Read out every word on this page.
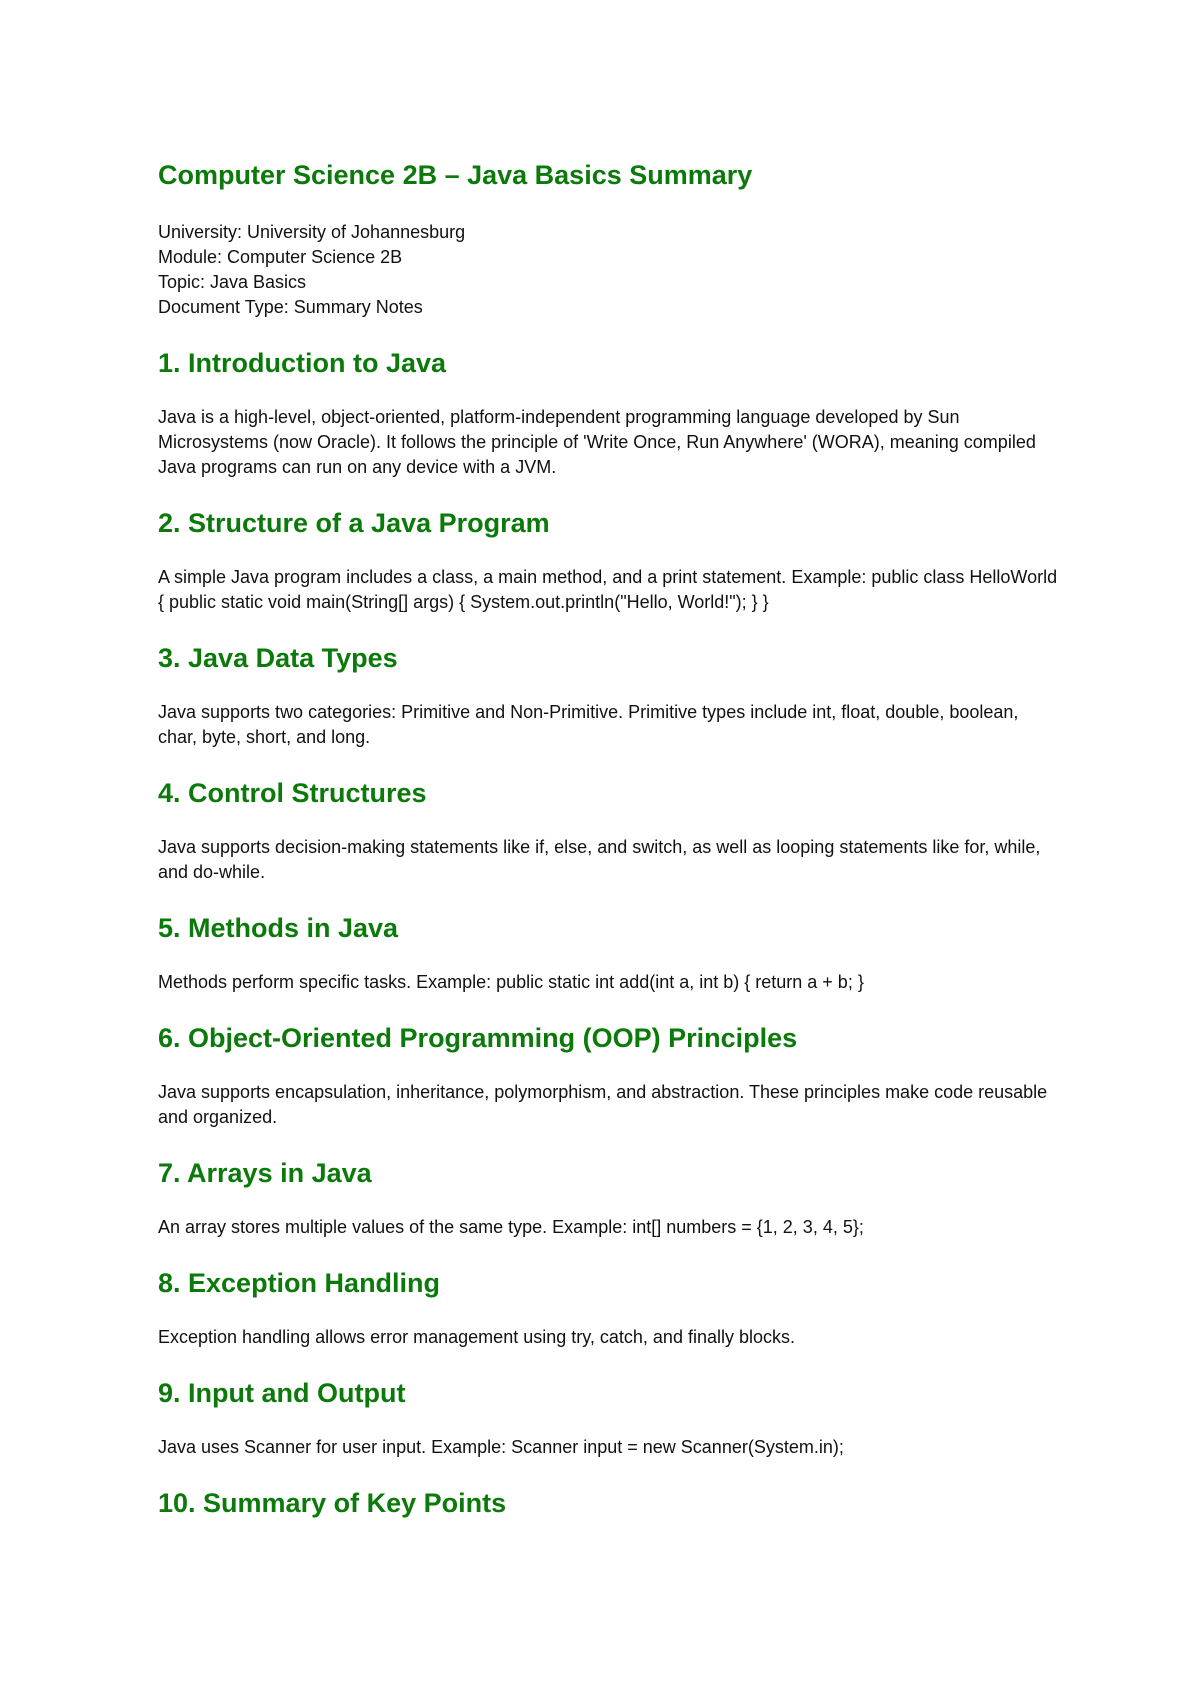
Computer Science 2B – Java Basics Summary
University: University of Johannesburg
Module: Computer Science 2B
Topic: Java Basics
Document Type: Summary Notes
1. Introduction to Java

Java is a high-level, object-oriented, platform-independent programming language developed by Sun Microsystems (now Oracle). It follows the principle of 'Write Once, Run Anywhere' (WORA), meaning compiled Java programs can run on any device with a JVM.

2. Structure of a Java Program

A simple Java program includes a class, a main method, and a print statement. Example: public class HelloWorld { public static void main(String[] args) { System.out.println("Hello, World!"); } }

3. Java Data Types

Java supports two categories: Primitive and Non-Primitive. Primitive types include int, float, double, boolean, char, byte, short, and long.

4. Control Structures

Java supports decision-making statements like if, else, and switch, as well as looping statements like for, while, and do-while.

5. Methods in Java

Methods perform specific tasks. Example: public static int add(int a, int b) { return a + b; }

6. Object-Oriented Programming (OOP) Principles

Java supports encapsulation, inheritance, polymorphism, and abstraction. These principles make code reusable and organized.

7. Arrays in Java

An array stores multiple values of the same type. Example: int[] numbers = {1, 2, 3, 4, 5};

8. Exception Handling

Exception handling allows error management using try, catch, and finally blocks.

9. Input and Output

Java uses Scanner for user input. Example: Scanner input = new Scanner(System.in);

10. Summary of Key Points
